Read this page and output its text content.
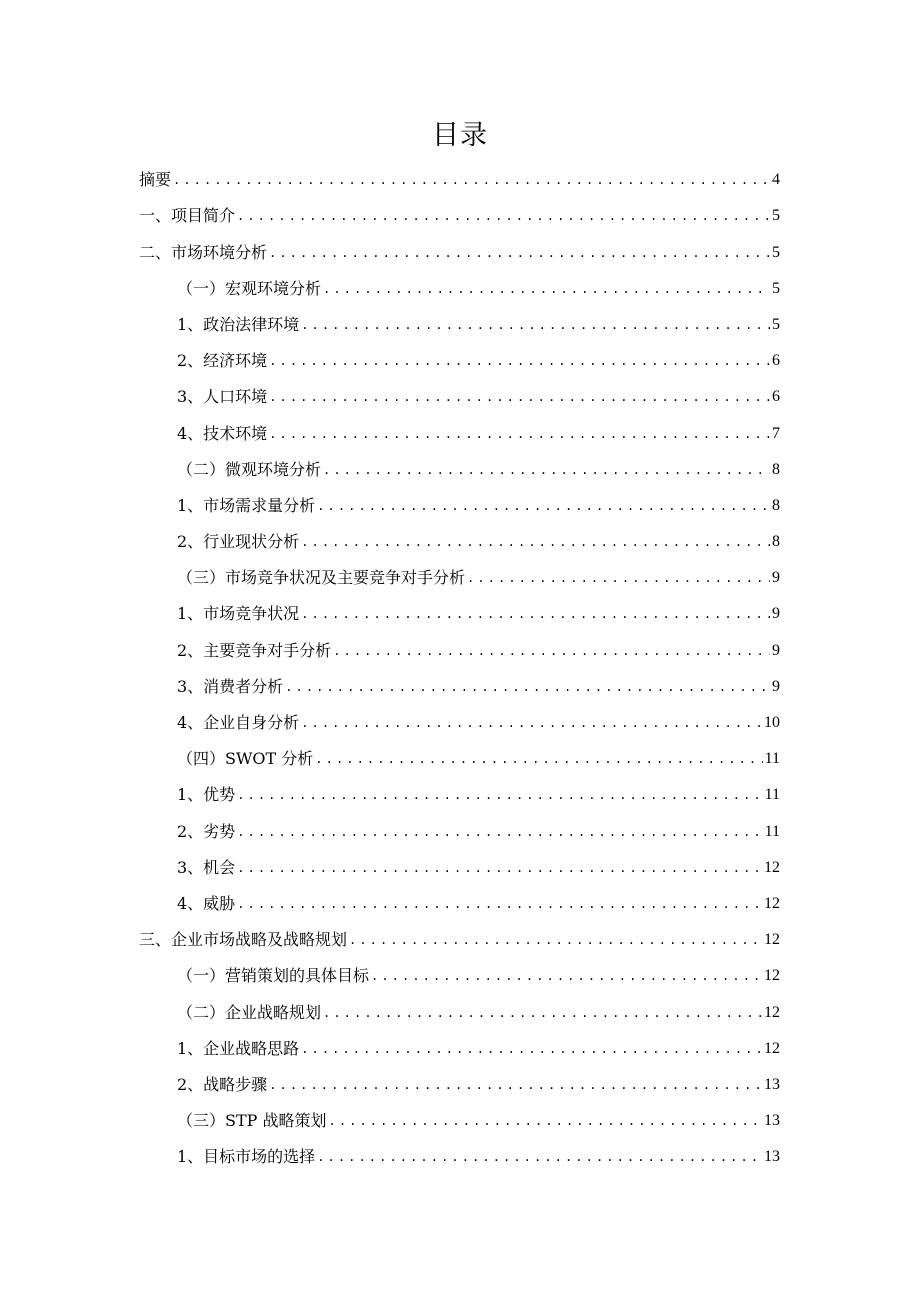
目录
摘要 .....	4
一、项目简介 .....	5
二、市场环境分析 .....	5
（一）宏观环境分析 .....	5
1、政治法律环境 .....	5
2、经济环境 .....	6
3、人口环境 .....	6
4、技术环境 .....	7
（二）微观环境分析 .....	8
1、市场需求量分析 .....	8
2、行业现状分析 .....	8
（三）市场竞争状况及主要竞争对手分析 .....	9
1、市场竞争状况 .....	9
2、主要竞争对手分析 .....	9
3、消费者分析 .....	9
4、企业自身分析 .....	10
（四）SWOT 分析 .....	11
1、优势 .....	11
2、劣势 .....	11
3、机会 .....	12
4、威胁 .....	12
三、企业市场战略及战略规划 .....	12
（一）营销策划的具体目标 .....	12
（二）企业战略规划 .....	12
1、企业战略思路 .....	12
2、战略步骤 .....	13
（三）STP 战略策划 .....	13
1、目标市场的选择 .....	13
